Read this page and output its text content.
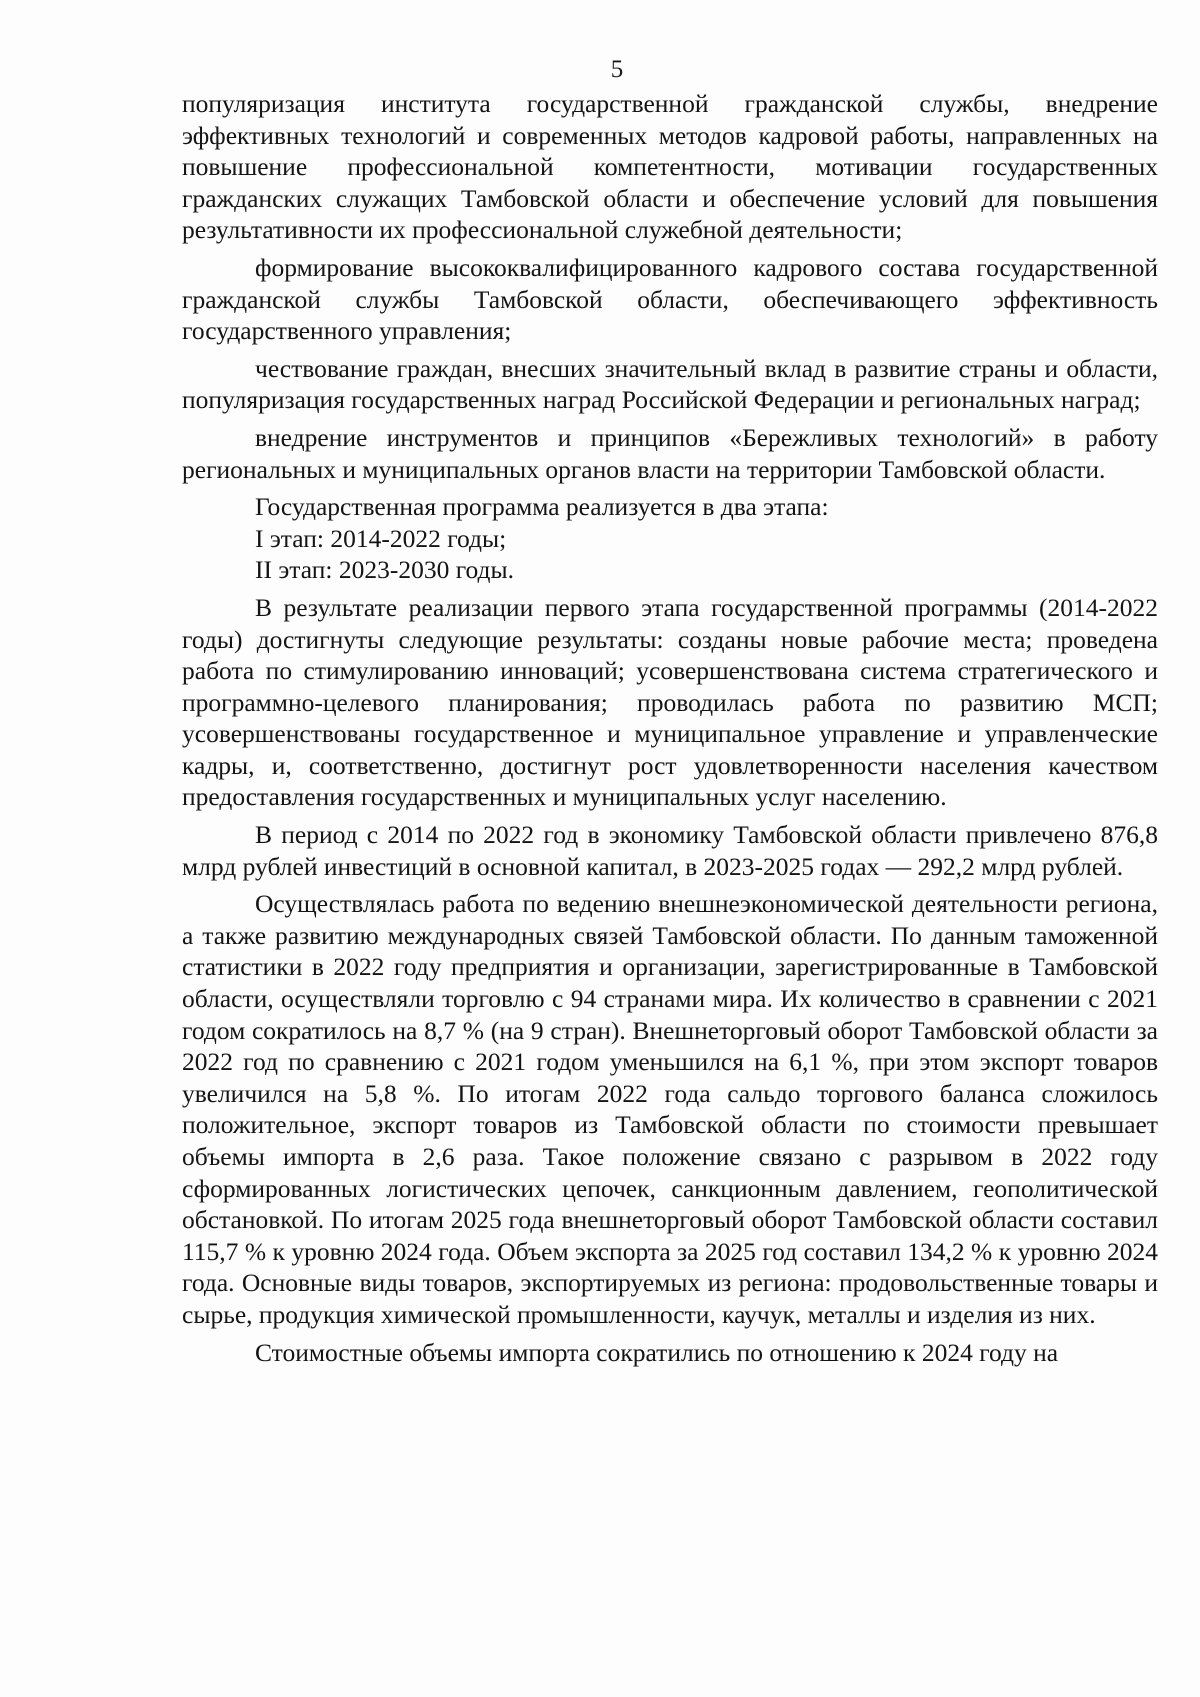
5

популяризация института государственной гражданской службы, внедрение эффективных технологий и современных методов кадровой работы, направленных на повышение профессиональной компетентности, мотивации государственных гражданских служащих Тамбовской области и обеспечение условий для повышения результативности их профессиональной служебной деятельности;

формирование высококвалифицированного кадрового состава государственной гражданской службы Тамбовской области, обеспечивающего эффективность государственного управления;

чествование граждан, внесших значительный вклад в развитие страны и области, популяризация государственных наград Российской Федерации и региональных наград;

внедрение инструментов и принципов «Бережливых технологий» в работу региональных и муниципальных органов власти на территории Тамбовской области.

Государственная программа реализуется в два этапа:

I этап: 2014-2022 годы;

II этап: 2023-2030 годы.

В результате реализации первого этапа государственной программы (2014-2022 годы) достигнуты следующие результаты: созданы новые рабочие места; проведена работа по стимулированию инноваций; усовершенствована система стратегического и программно-целевого планирования; проводилась работа по развитию МСП; усовершенствованы государственное и муниципальное управление и управленческие кадры, и, соответственно, достигнут рост удовлетворенности населения качеством предоставления государственных и муниципальных услуг населению.

В период с 2014 по 2022 год в экономику Тамбовской области привлечено 876,8 млрд рублей инвестиций в основной капитал, в 2023-2025 годах — 292,2 млрд рублей.

Осуществлялась работа по ведению внешнеэкономической деятельности региона, а также развитию международных связей Тамбовской области. По данным таможенной статистики в 2022 году предприятия и организации, зарегистрированные в Тамбовской области, осуществляли торговлю с 94 странами мира. Их количество в сравнении с 2021 годом сократилось на 8,7 % (на 9 стран). Внешнеторговый оборот Тамбовской области за 2022 год по сравнению с 2021 годом уменьшился на 6,1 %, при этом экспорт товаров увеличился на 5,8 %. По итогам 2022 года сальдо торгового баланса сложилось положительное, экспорт товаров из Тамбовской области по стоимости превышает объемы импорта в 2,6 раза. Такое положение связано с разрывом в 2022 году сформированных логистических цепочек, санкционным давлением, геополитической обстановкой. По итогам 2025 года внешнеторговый оборот Тамбовской области составил 115,7 % к уровню 2024 года. Объем экспорта за 2025 год составил 134,2 % к уровню 2024 года. Основные виды товаров, экспортируемых из региона: продовольственные товары и сырье, продукция химической промышленности, каучук, металлы и изделия из них.

Стоимостные объемы импорта сократились по отношению к 2024 году на
